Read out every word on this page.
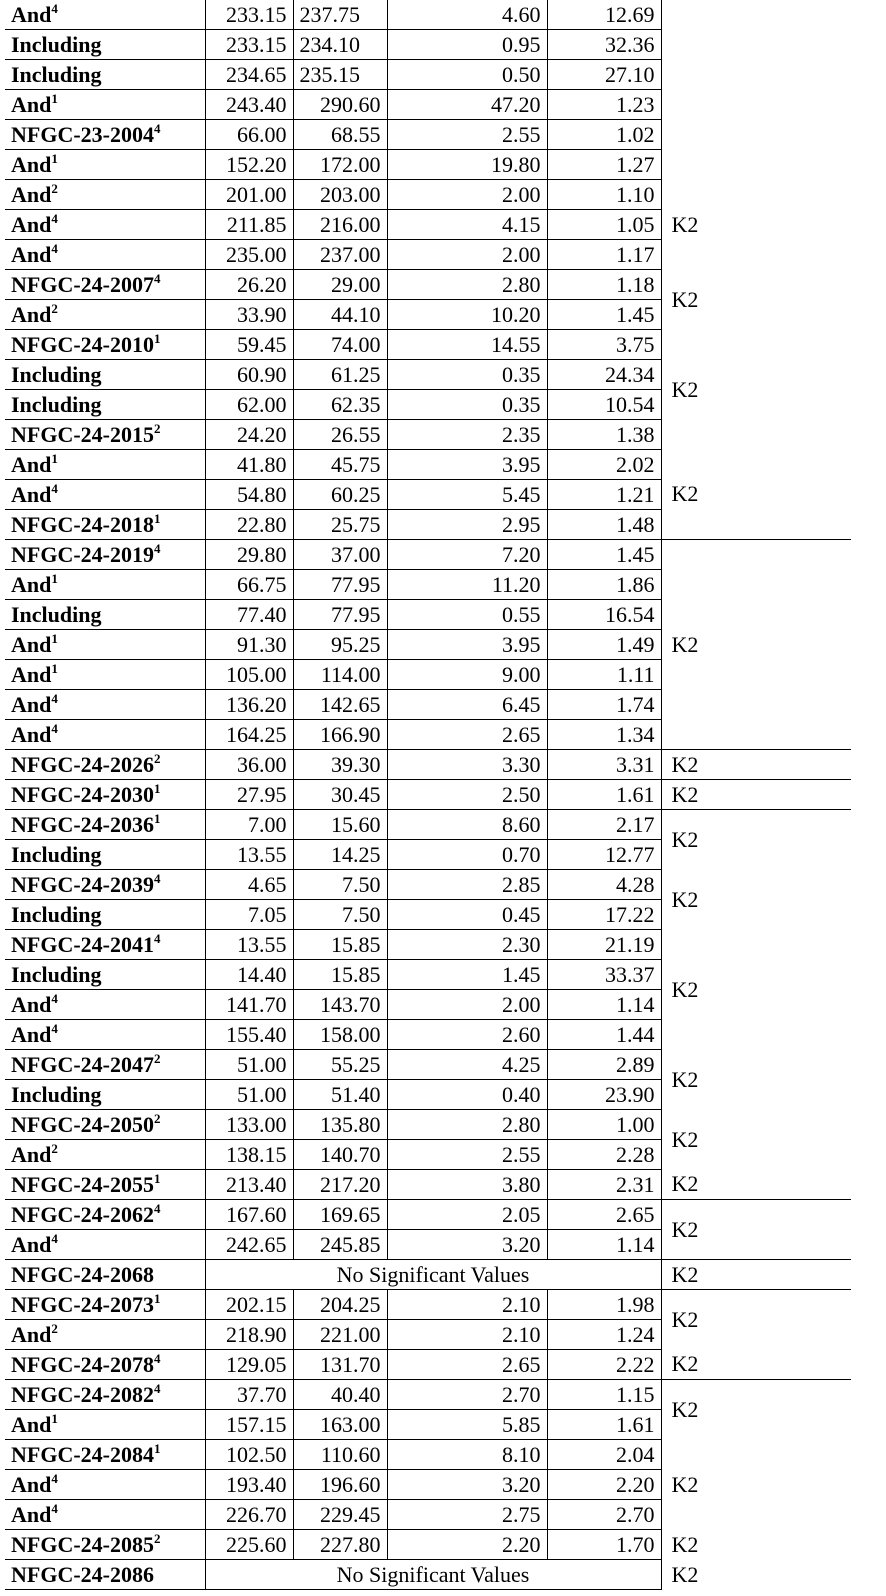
And$^4$	233.15	237.75	4.60	12.69	
Including	233.15	234.10	0.95	32.36	
Including	234.65	235.15	0.50	27.10	
And$^1$	243.40	290.60	47.20	1.23	
NFGC-23-2004$^4$	66.00	68.55	2.55	1.02	
And$^1$	152.20	172.00	19.80	1.27	
And$^2$	201.00	203.00	2.00	1.10	K2
And$^4$	211.85	216.00	4.15	1.05	
And$^4$	235.00	237.00	2.00	1.17	
NFGC-24-2007$^4$	26.20	29.00	2.80	1.18	K2
And$^2$	33.90	44.10	10.20	1.45	
NFGC-24-2010$^1$	59.45	74.00	14.55	3.75	K2
Including	60.90	61.25	0.35	24.34	
Including	62.00	62.35	0.35	10.54	
NFGC-24-2015$^2$	24.20	26.55	2.35	1.38	
And$^1$	41.80	45.75	3.95	2.02	K2
And$^4$	54.80	60.25	5.45	1.21	
NFGC-24-2018$^1$	22.80	25.75	2.95	1.48	
NFGC-24-2019$^4$	29.80	37.00	7.20	1.45	K2
And$^1$	66.75	77.95	11.20	1.86	
Including	77.40	77.95	0.55	16.54	
And$^1$	91.30	95.25	3.95	1.49	
And$^1$	105.00	114.00	9.00	1.11	
And$^4$	136.20	142.65	6.45	1.74	
And$^4$	164.25	166.90	2.65	1.34	
NFGC-24-2026$^2$	36.00	39.30	3.30	3.31	K2
NFGC-24-2030$^1$	27.95	30.45	2.50	1.61	K2
NFGC-24-2036$^1$	7.00	15.60	8.60	2.17	K2
Including	13.55	14.25	0.70	12.77	
NFGC-24-2039$^4$	4.65	7.50	2.85	4.28	K2
Including	7.05	7.50	0.45	17.22	
NFGC-24-2041$^4$	13.55	15.85	2.30	21.19	K2
Including	14.40	15.85	1.45	33.37	
And$^4$	141.70	143.70	2.00	1.14	
And$^4$	155.40	158.00	2.60	1.44	
NFGC-24-2047$^2$	51.00	55.25	4.25	2.89	K2
Including	51.00	51.40	0.40	23.90	
NFGC-24-2050$^2$	133.00	135.80	2.80	1.00	K2
And$^2$	138.15	140.70	2.55	2.28	
NFGC-24-2055$^1$	213.40	217.20	3.80	2.31	K2
NFGC-24-2062$^4$	167.60	169.65	2.05	2.65	K2
And$^4$	242.65	245.85	3.20	1.14	
NFGC-24-2068	No Significant Values				K2
NFGC-24-2073$^1$	202.15	204.25	2.10	1.98	K2
And$^2$	218.90	221.00	2.10	1.24	
NFGC-24-2078$^4$	129.05	131.70	2.65	2.22	K2
NFGC-24-2082$^4$	37.70	40.40	2.70	1.15	K2
And$^1$	157.15	163.00	5.85	1.61	
NFGC-24-2084$^1$	102.50	110.60	8.10	2.04	K2
And$^4$	193.40	196.60	3.20	2.20	
And$^4$	226.70	229.45	2.75	2.70	
NFGC-24-2085$^2$	225.60	227.80	2.20	1.70	K2
NFGC-24-2086	No Significant Values				K2
